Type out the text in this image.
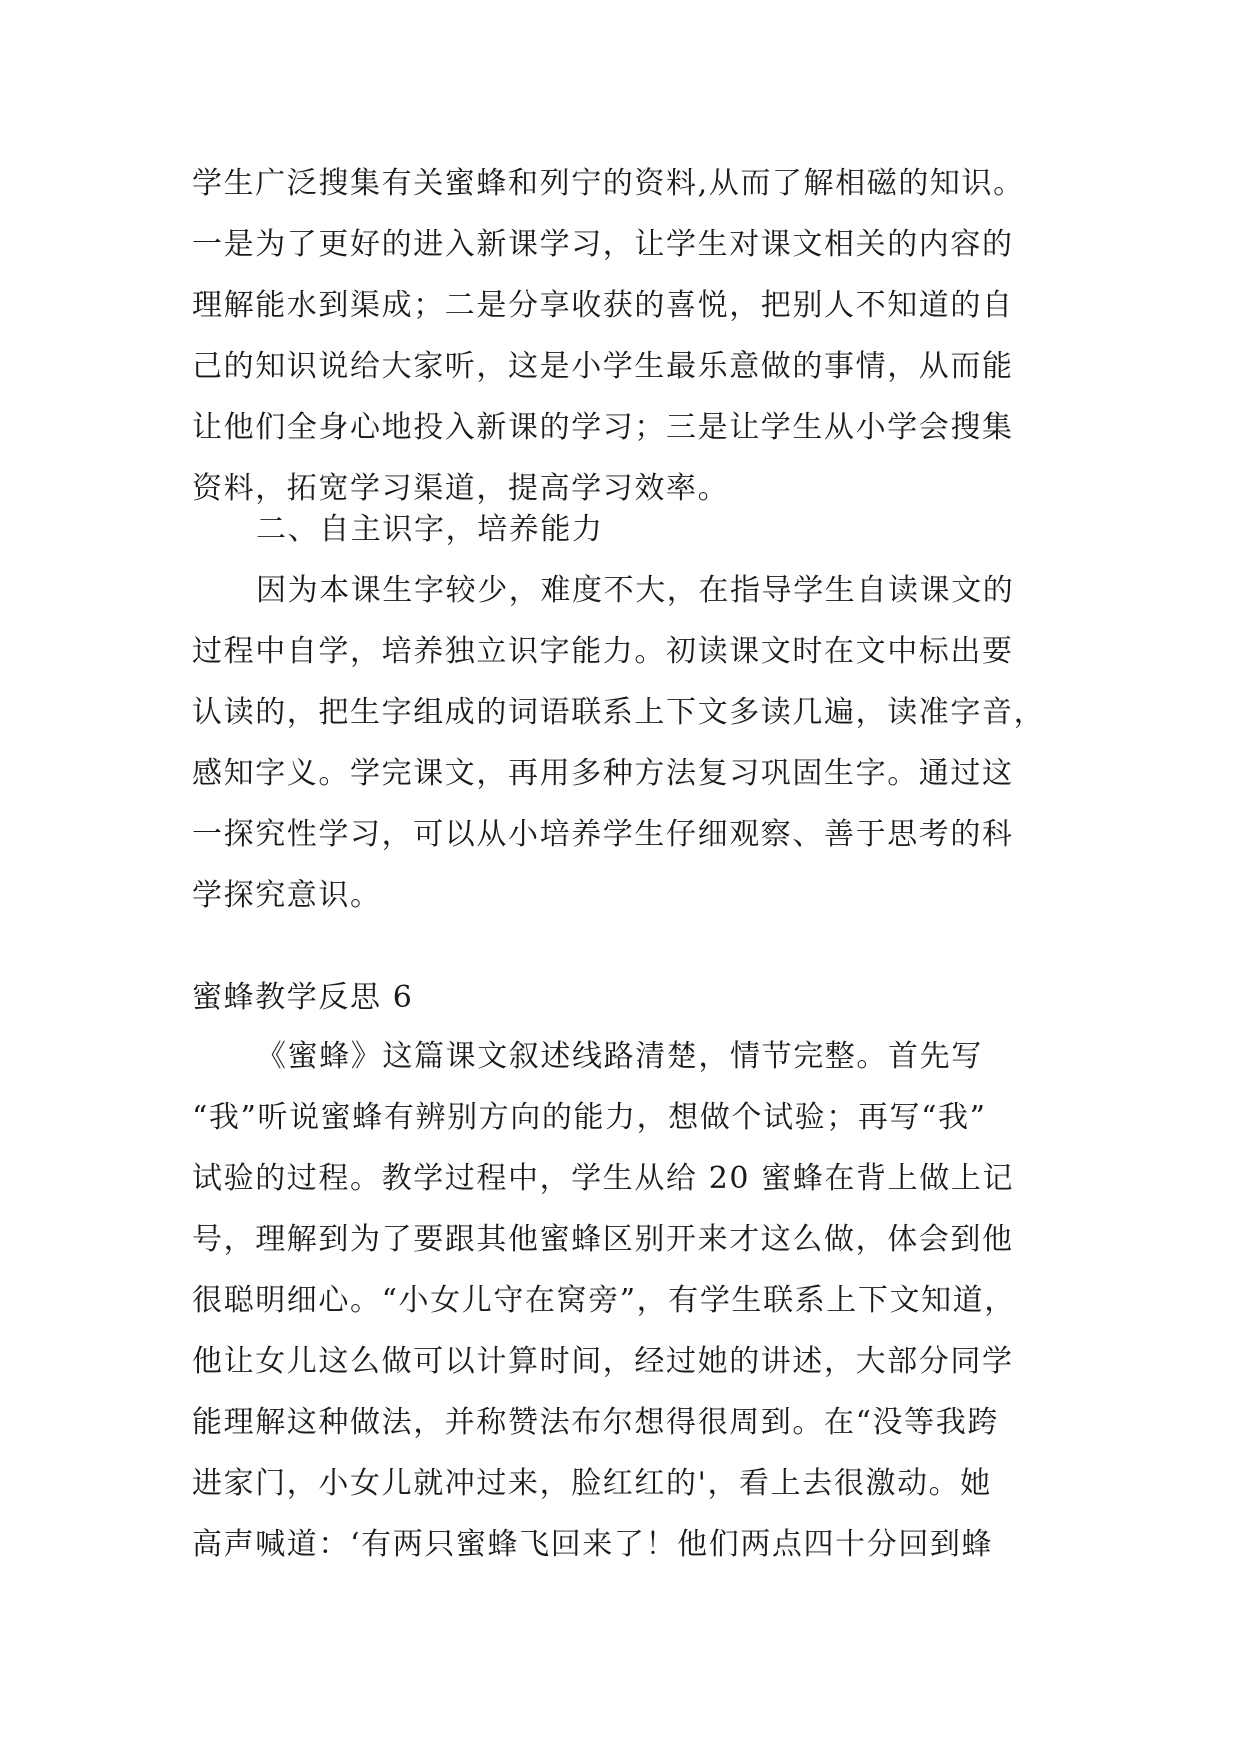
学生广泛搜集有关蜜蜂和列宁的资料,从而了解相磁的知识。
一是为了更好的进入新课学习，让学生对课文相关的内容的
理解能水到渠成；二是分享收获的喜悦，把别人不知道的自
己的知识说给大家听，这是小学生最乐意做的事情，从而能
让他们全身心地投入新课的学习；三是让学生从小学会搜集
资料，拓宽学习渠道，提高学习效率。
二、自主识字，培养能力
因为本课生字较少，难度不大，在指导学生自读课文的
过程中自学，培养独立识字能力。初读课文时在文中标出要
认读的，把生字组成的词语联系上下文多读几遍，读准字音，
感知字义。学完课文，再用多种方法复习巩固生字。通过这
一探究性学习，可以从小培养学生仔细观察、善于思考的科
学探究意识。
蜜蜂教学反思 6
《蜜蜂》这篇课文叙述线路清楚，情节完整。首先写
“我”听说蜜蜂有辨别方向的能力，想做个试验；再写“我”
试验的过程。教学过程中，学生从给 20 蜜蜂在背上做上记
号，理解到为了要跟其他蜜蜂区别开来才这么做，体会到他
很聪明细心。“小女儿守在窝旁”，有学生联系上下文知道，
他让女儿这么做可以计算时间，经过她的讲述，大部分同学
能理解这种做法，并称赞法布尔想得很周到。在“没等我跨
进家门，小女儿就冲过来，脸红红的'，看上去很激动。她
高声喊道：‘有两只蜜蜂飞回来了！他们两点四十分回到蜂
